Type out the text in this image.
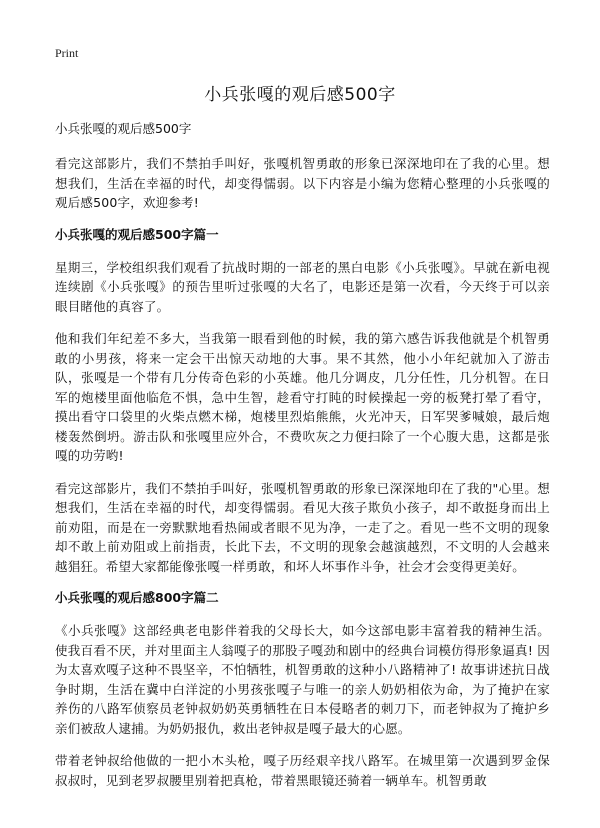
Print
小兵张嘎的观后感500字
小兵张嘎的观后感500字

看完这部影片，我们不禁拍手叫好，张嘎机智勇敢的形象已深深地印在了我的心里。想想我们，生活在幸福的时代，却变得懦弱。以下内容是小编为您精心整理的小兵张嘎的观后感500字，欢迎参考!

小兵张嘎的观后感500字篇一

星期三，学校组织我们观看了抗战时期的一部老的黑白电影《小兵张嘎》。早就在新电视连续剧《小兵张嘎》的预告里听过张嘎的大名了，电影还是第一次看，今天终于可以亲眼目睹他的真容了。

他和我们年纪差不多大，当我第一眼看到他的时候，我的第六感告诉我他就是个机智勇敢的小男孩，将来一定会干出惊天动地的大事。果不其然，他小小年纪就加入了游击队，张嘎是一个带有几分传奇色彩的小英雄。他几分调皮，几分任性，几分机智。在日军的炮楼里面他临危不惧，急中生智，趁看守打盹的时候操起一旁的板凳打晕了看守，摸出看守口袋里的火柴点燃木梯，炮楼里烈焰熊熊，火光冲天，日军哭爹喊娘，最后炮楼轰然倒坍。游击队和张嘎里应外合，不费吹灰之力便扫除了一个心腹大患，这都是张嘎的功劳哟!

看完这部影片，我们不禁拍手叫好，张嘎机智勇敢的形象已深深地印在了我的"心里。想想我们，生活在幸福的时代，却变得懦弱。看见大孩子欺负小孩子，却不敢挺身而出上前劝阻，而是在一旁默默地看热闹或者眼不见为净，一走了之。看见一些不文明的现象却不敢上前劝阻或上前指责，长此下去，不文明的现象会越演越烈，不文明的人会越来越猖狂。希望大家都能像张嘎一样勇敢，和坏人坏事作斗争，社会才会变得更美好。

小兵张嘎的观后感800字篇二

《小兵张嘎》这部经典老电影伴着我的父母长大，如今这部电影丰富着我的精神生活。使我百看不厌，并对里面主人翁嘎子的那股子嘎劲和剧中的经典台词模仿得形象逼真! 因为太喜欢嘎子这种不畏坚辛，不怕牺牲，机智勇敢的这种小八路精神了! 故事讲述抗日战争时期，生活在冀中白洋淀的小男孩张嘎子与唯一的亲人奶奶相依为命，为了掩护在家养伤的八路军侦察员老钟叔奶奶英勇牺牲在日本侵略者的刺刀下，而老钟叔为了掩护乡亲们被敌人逮捕。为奶奶报仇，救出老钟叔是嘎子最大的心愿。

带着老钟叔给他做的一把小木头枪，嘎子历经艰辛找八路军。在城里第一次遇到罗金保叔叔时，见到老罗叔腰里别着把真枪，带着黑眼镜还骑着一辆单车。机智勇敢
